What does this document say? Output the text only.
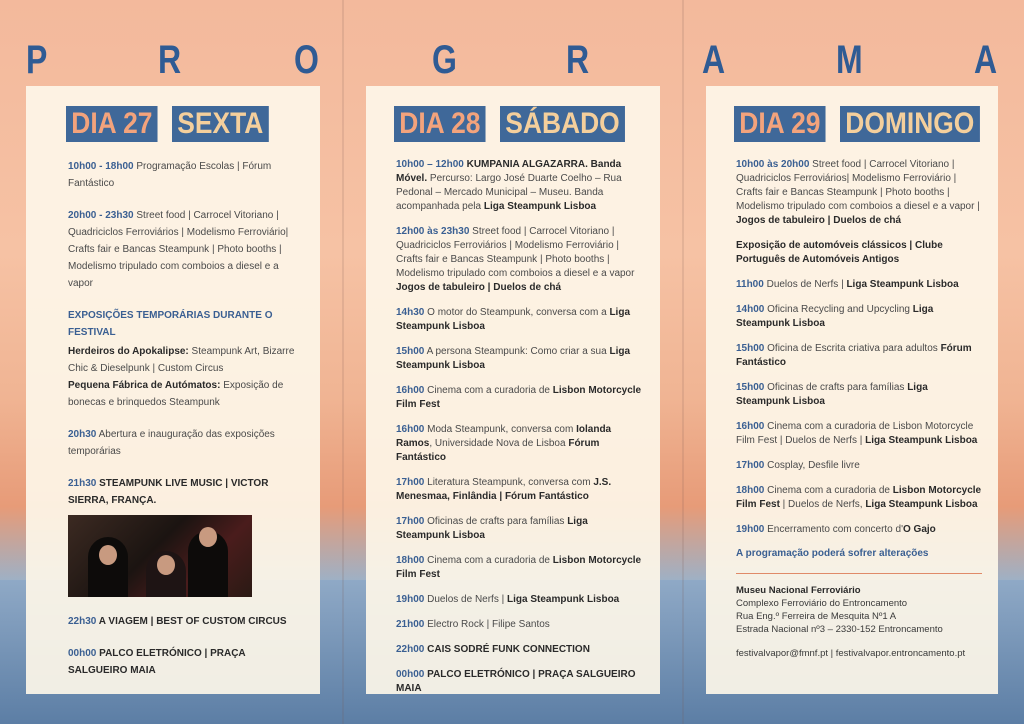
P	R	O	G	R	A	M	A
DIA 27 SEXTA
10h00 - 18h00 Programação Escolas | Fórum Fantástico
20h00 - 23h30 Street food | Carrocel Vitoriano | Quadriciclos Ferroviários | Modelismo Ferroviário| Crafts fair e Bancas Steampunk | Photo booths | Modelismo tripulado com comboios a diesel e a vapor
EXPOSIÇÕES TEMPORÁRIAS DURANTE O FESTIVAL
Herdeiros do Apokalipse: Steampunk Art, Bizarre Chic & Dieselpunk | Custom Circus
Pequena Fábrica de Autómatos: Exposição de bonecas e brinquedos Steampunk
20h30 Abertura e inauguração das exposições temporárias
21h30 STEAMPUNK LIVE MUSIC | VICTOR SIERRA, FRANÇA.
22h30 A VIAGEM | BEST OF CUSTOM CIRCUS
00h00 PALCO ELETRÓNICO | PRAÇA SALGUEIRO MAIA
DIA 28 SÁBADO
10h00 – 12h00 KUMPANIA ALGAZARRA. Banda Móvel. Percurso: Largo José Duarte Coelho – Rua Pedonal – Mercado Municipal – Museu. Banda acompanhada pela Liga Steampunk Lisboa
12h00 às 23h30 Street food | Carrocel Vitoriano | Quadriciclos Ferroviários | Modelismo Ferroviário | Crafts fair e Bancas Steampunk | Photo booths | Modelismo tripulado com comboios a diesel e a vapor Jogos de tabuleiro | Duelos de chá
14h30 O motor do Steampunk, conversa com a Liga Steampunk Lisboa
15h00 A persona Steampunk: Como criar a sua Liga Steampunk Lisboa
16h00 Cinema com a curadoria de Lisbon Motorcycle Film Fest
16h00 Moda Steampunk, conversa com Iolanda Ramos, Universidade Nova de Lisboa Fórum Fantástico
17h00 Literatura Steampunk, conversa com J.S. Menesmaa, Finlândia | Fórum Fantástico
17h00 Oficinas de crafts para famílias Liga Steampunk Lisboa
18h00 Cinema com a curadoria de Lisbon Motorcycle Film Fest
19h00 Duelos de Nerfs | Liga Steampunk Lisboa
21h00 Electro Rock | Filipe Santos
22h00 CAIS SODRÉ FUNK CONNECTION
00h00 PALCO ELETRÓNICO | PRAÇA SALGUEIRO MAIA
DIA 29 DOMINGO
10h00 às 20h00 Street food | Carrocel Vitoriano | Quadriciclos Ferroviários| Modelismo Ferroviário | Crafts fair e Bancas Steampunk | Photo booths | Modelismo tripulado com comboios a diesel e a vapor | Jogos de tabuleiro | Duelos de chá
Exposição de automóveis clássicos | Clube Português de Automóveis Antigos
11h00 Duelos de Nerfs | Liga Steampunk Lisboa
14h00 Oficina Recycling and Upcycling Liga Steampunk Lisboa
15h00 Oficina de Escrita criativa para adultos Fórum Fantástico
15h00 Oficinas de crafts para famílias Liga Steampunk Lisboa
16h00 Cinema com a curadoria de Lisbon Motorcycle Film Fest | Duelos de Nerfs | Liga Steampunk Lisboa
17h00 Cosplay, Desfile livre
18h00 Cinema com a curadoria de Lisbon Motorcycle Film Fest | Duelos de Nerfs, Liga Steampunk Lisboa
19h00 Encerramento com concerto d'O Gajo
A programação poderá sofrer alterações
Museu Nacional Ferroviário
Complexo Ferroviário do Entroncamento
Rua Eng.º Ferreira de Mesquita Nº1 A
Estrada Nacional nº3 – 2330-152 Entroncamento
festivalvapor@fmnf.pt | festivalvapor.entroncamento.pt
